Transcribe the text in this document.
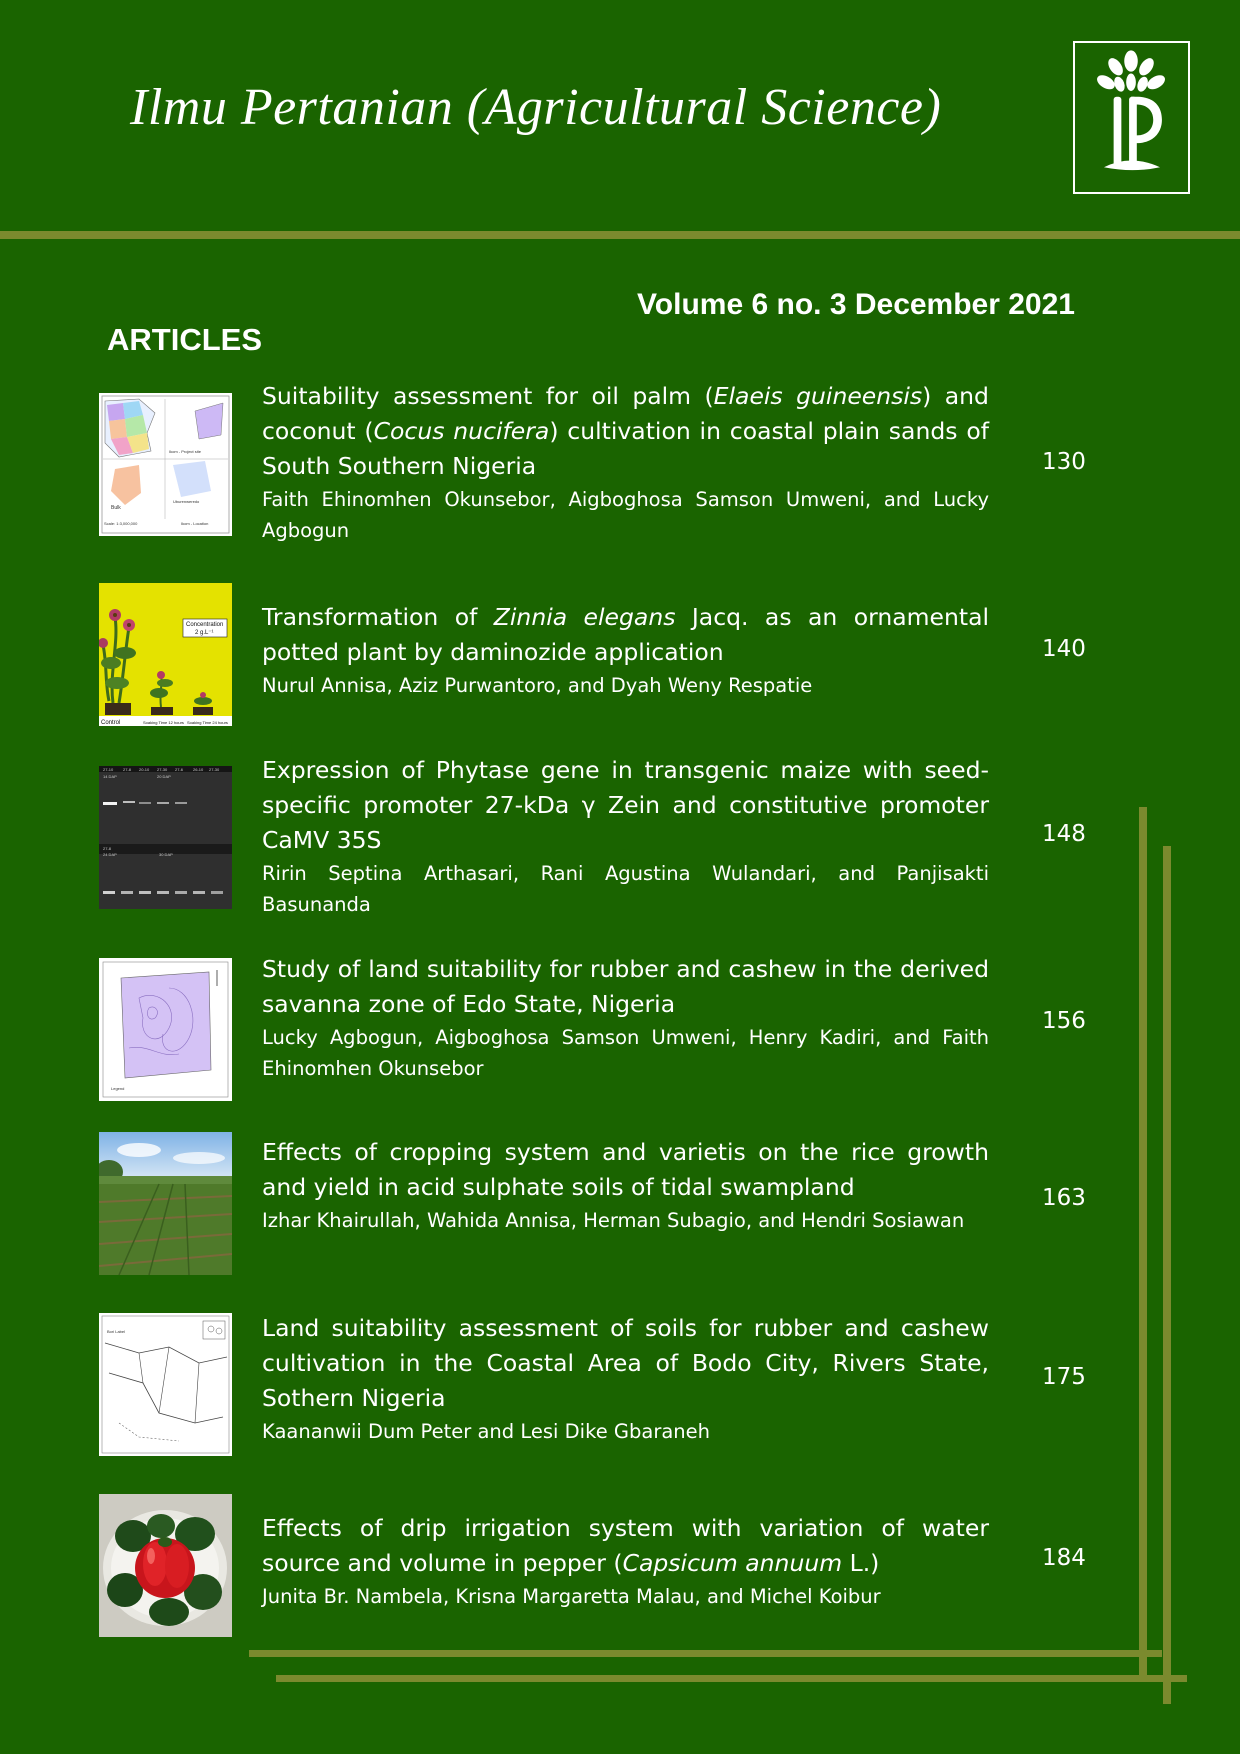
Ilmu Pertanian (Agricultural Science)
Volume 6 no. 3 December 2021
ARTICLES
Ikom - Project site
Bulk
Uburenweredo
Ikom - Location
Scale: 1:3,000,000

Suitability assessment for oil palm (Elaeis guineensis) and coconut (Cocus nucifera) cultivation in coastal plain sands of South Southern Nigeria

Faith Ehinomhen Okunsebor, Aigboghosa Samson Umweni, and Lucky Agbogun

130
Concentration
2 g.L⁻¹
Control	Soaking Time 12 hours Soaking Time 24 hours

Transformation of Zinnia elegans Jacq. as an ornamental potted plant by daminozide application

Nurul Annisa, Aziz Purwantoro, and Dyah Weny Respatie

140
27-10 27-8 20-10 27-30 27-6 26-10 27-30
14 DAP	20 DAP
27-8
24 DAP	30 DAP

Expression of Phytase gene in transgenic maize with seed-specific promoter 27-kDa γ Zein and constitutive promoter CaMV 35S

Ririn Septina Arthasari, Rani Agustina Wulandari, and Panjisakti Basunanda

148
Legend

Study of land suitability for rubber and cashew in the derived savanna zone of Edo State, Nigeria

Lucky Agbogun, Aigboghosa Samson Umweni, Henry Kadiri, and Faith Ehinomhen Okunsebor

156

Effects of cropping system and varietis on the rice growth and yield in acid sulphate soils of tidal swampland

Izhar Khairullah, Wahida Annisa, Herman Subagio, and Hendri Sosiawan

163
Bori Label	Land suitability assessment of soils for rubber and cashew cultivation in the Coastal Area of Bodo City, Rivers State, Sothern Nigeria

Kaananwii Dum Peter and Lesi Dike Gbaraneh

175

Effects of drip irrigation system with variation of water source and volume in pepper (Capsicum annuum L.)

Junita Br. Nambela, Krisna Margaretta Malau, and Michel Koibur

184
